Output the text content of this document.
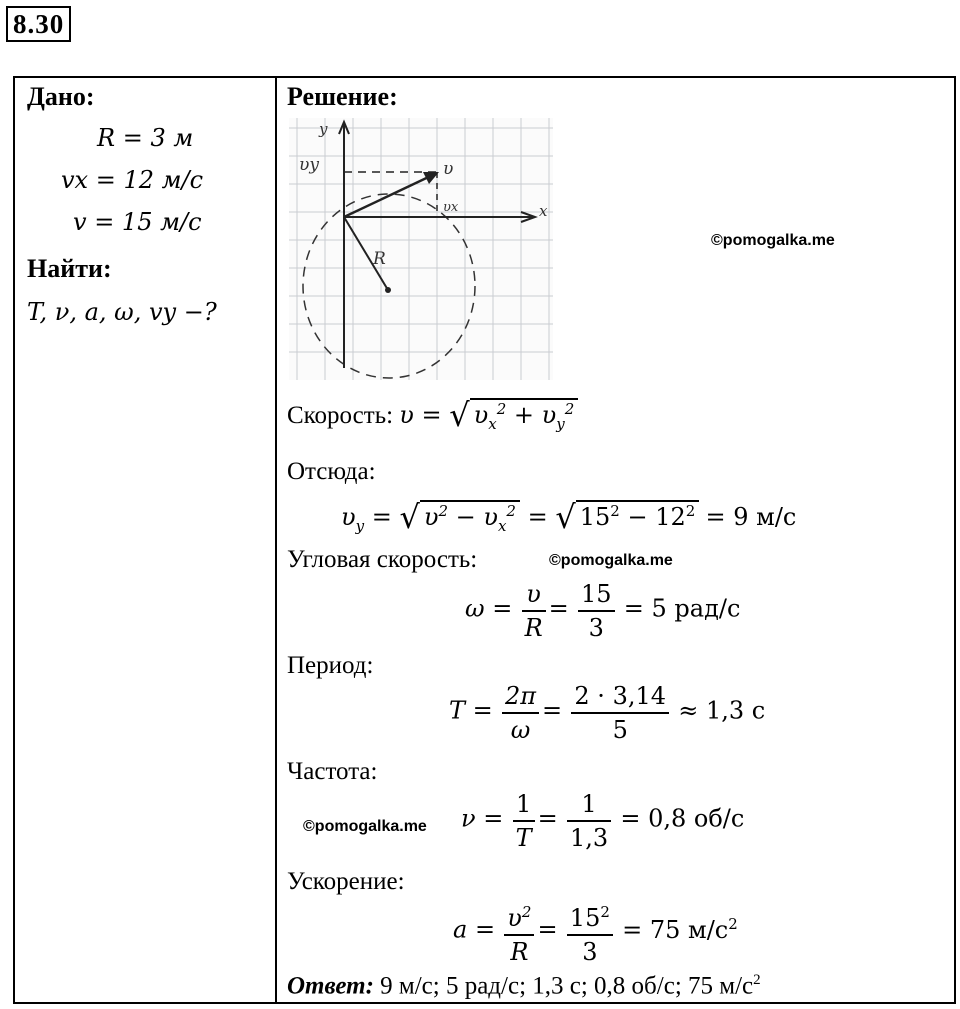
8.30
Дано:
R = 3 м
vx = 12 м/с
v = 15 м/с
Найти:
T, ν, a, ω, vy −?
Решение:
y
x
υy	υ
υx
R
©pomogalka.me
Скорость: υ = √ $\upsilon_x^2 + \upsilon_y^2$
Отсюда:
$\upsilon_y$ = √ $\upsilon^2 - \upsilon_x^2$ = √ $15^2 - 12^2 = 9$ м/с
Угловая скорость:	©pomogalka.me
$\omega = \frac{\upsilon}{R} = \frac{15}{3} = 5$ рад/с
Период:
$T = \frac{2\pi}{\omega} = \frac{2 \cdot 3,14}{5} \approx 1,3$ с
Частота:
©pomogalka.me $\nu = \frac{1}{T} = \frac{1}{1,3} = 0,8$ об/с
Ускорение:
$a = \frac{\upsilon^2}{R} = \frac{15^2}{3} = 75$ $м/с^2$
Ответ: 9 м/с; 5 рад/с; 1,3 с; 0,8 об/с; 75 $м/с^2$
